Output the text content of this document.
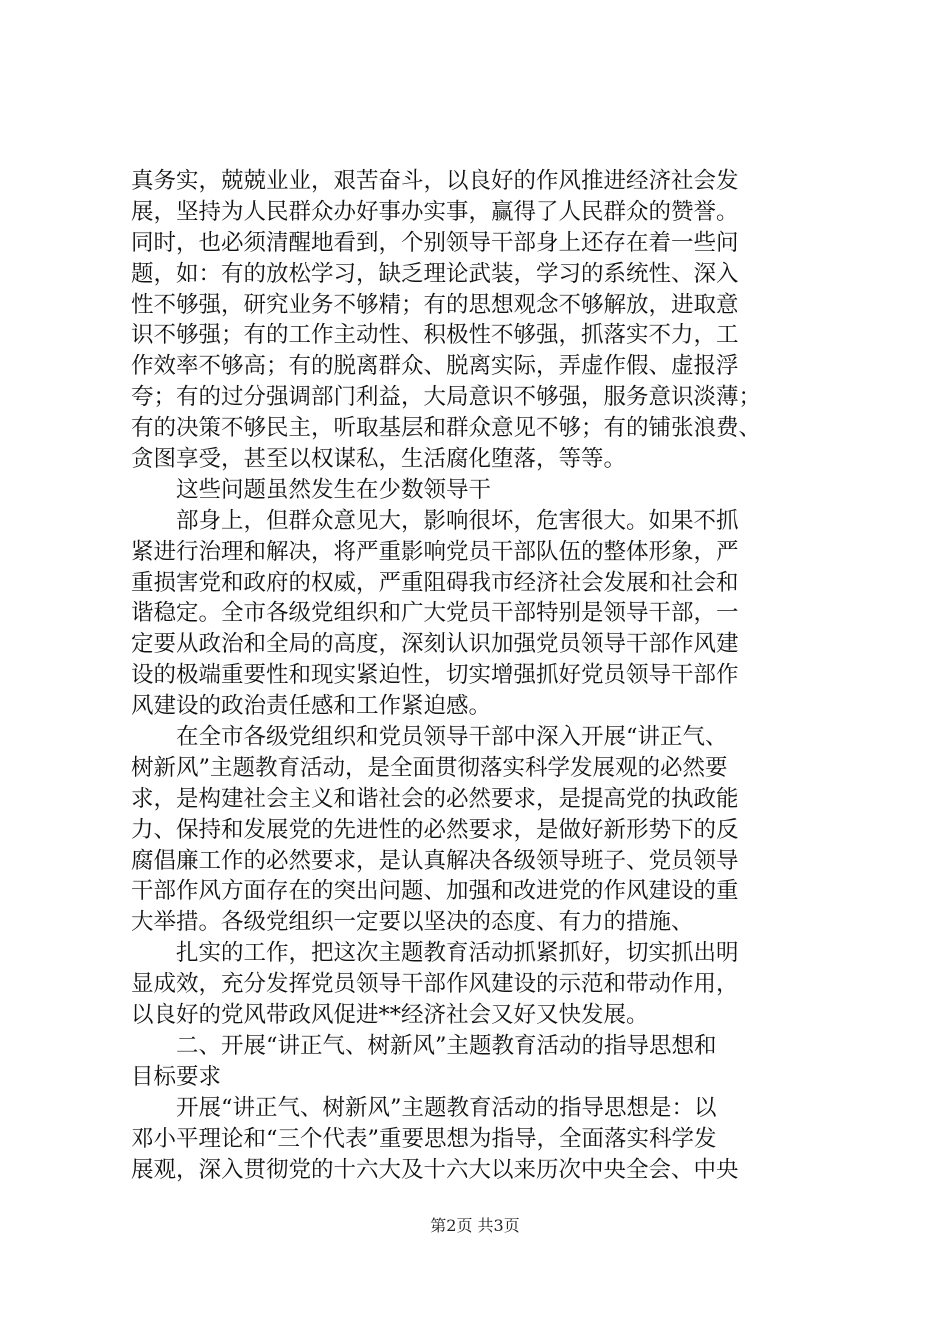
真务实，兢兢业业，艰苦奋斗，以良好的作风推进经济社会发
展，坚持为人民群众办好事办实事，赢得了人民群众的赞誉。
同时，也必须清醒地看到，个别领导干部身上还存在着一些问
题，如：有的放松学习，缺乏理论武装，学习的系统性、深入
性不够强，研究业务不够精；有的思想观念不够解放，进取意
识不够强；有的工作主动性、积极性不够强，抓落实不力，工
作效率不够高；有的脱离群众、脱离实际，弄虚作假、虚报浮
夸；有的过分强调部门利益，大局意识不够强，服务意识淡薄；
有的决策不够民主，听取基层和群众意见不够；有的铺张浪费、
贪图享受，甚至以权谋私，生活腐化堕落，等等。
这些问题虽然发生在少数领导干
部身上，但群众意见大，影响很坏，危害很大。如果不抓
紧进行治理和解决，将严重影响党员干部队伍的整体形象，严
重损害党和政府的权威，严重阻碍我市经济社会发展和社会和
谐稳定。全市各级党组织和广大党员干部特别是领导干部，一
定要从政治和全局的高度，深刻认识加强党员领导干部作风建
设的极端重要性和现实紧迫性，切实增强抓好党员领导干部作
风建设的政治责任感和工作紧迫感。
在全市各级党组织和党员领导干部中深入开展“讲正气、
树新风”主题教育活动，是全面贯彻落实科学发展观的必然要
求，是构建社会主义和谐社会的必然要求，是提高党的执政能
力、保持和发展党的先进性的必然要求，是做好新形势下的反
腐倡廉工作的必然要求，是认真解决各级领导班子、党员领导
干部作风方面存在的突出问题、加强和改进党的作风建设的重
大举措。各级党组织一定要以坚决的态度、有力的措施、
扎实的工作，把这次主题教育活动抓紧抓好，切实抓出明
显成效，充分发挥党员领导干部作风建设的示范和带动作用，
以良好的党风带政风促进**经济社会又好又快发展。
二、开展“讲正气、树新风”主题教育活动的指导思想和
目标要求
开展“讲正气、树新风”主题教育活动的指导思想是：以
邓小平理论和“三个代表”重要思想为指导，全面落实科学发
展观，深入贯彻党的十六大及十六大以来历次中央全会、中央
第2页 共3页
